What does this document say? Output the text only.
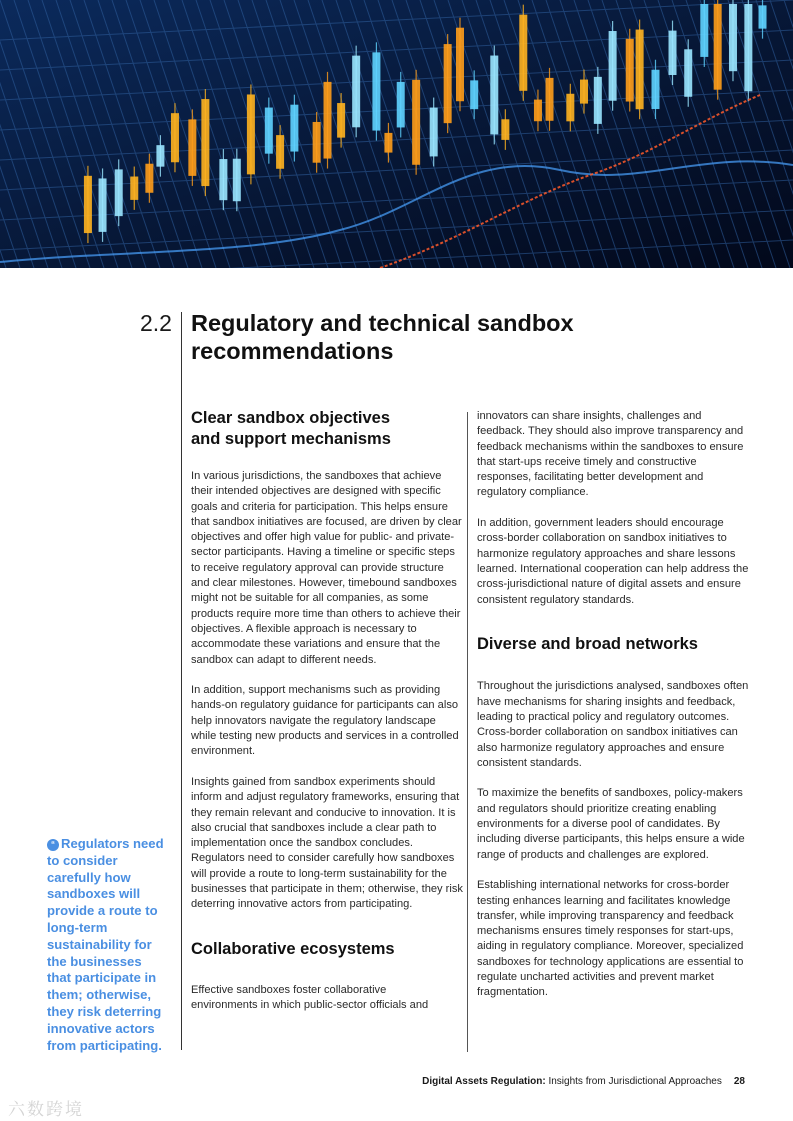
2.2 Regulatory and technical sandbox recommendations
Clear sandbox objectives and support mechanisms

In various jurisdictions, the sandboxes that achieve their intended objectives are designed with specific goals and criteria for participation. This helps ensure that sandbox initiatives are focused, are driven by clear objectives and offer high value for public- and private-sector participants. Having a timeline or specific steps to receive regulatory approval can provide structure and clear milestones. However, timebound sandboxes might not be suitable for all companies, as some products require more time than others to achieve their objectives. A flexible approach is necessary to accommodate these variations and ensure that the sandbox can adapt to different needs.

In addition, support mechanisms such as providing hands-on regulatory guidance for participants can also help innovators navigate the regulatory landscape while testing new products and services in a controlled environment.

Insights gained from sandbox experiments should inform and adjust regulatory frameworks, ensuring that they remain relevant and conducive to innovation. It is also crucial that sandboxes include a clear path to implementation once the sandbox concludes. Regulators need to consider carefully how sandboxes will provide a route to long-term sustainability for the businesses that participate in them; otherwise, they risk deterring innovative actors from participating.

Collaborative ecosystems

Effective sandboxes foster collaborative environments in which public-sector officials and

innovators can share insights, challenges and feedback. They should also improve transparency and feedback mechanisms within the sandboxes to ensure that start-ups receive timely and constructive responses, facilitating better development and regulatory compliance.

In addition, government leaders should encourage cross-border collaboration on sandbox initiatives to harmonize regulatory approaches and share lessons learned. International cooperation can help address the cross-jurisdictional nature of digital assets and ensure consistent regulatory standards.

Diverse and broad networks

Throughout the jurisdictions analysed, sandboxes often have mechanisms for sharing insights and feedback, leading to practical policy and regulatory outcomes. Cross-border collaboration on sandbox initiatives can also harmonize regulatory approaches and ensure consistent standards.

To maximize the benefits of sandboxes, policy-makers and regulators should prioritize creating enabling environments for a diverse pool of candidates. By including diverse participants, this helps ensure a wide range of products and challenges are explored.

Establishing international networks for cross-border testing enhances learning and facilitates knowledge transfer, while improving transparency and feedback mechanisms ensures timely responses for start-ups, aiding in regulatory compliance. Moreover, specialized sandboxes for technology applications are essential to regulate uncharted activities and prevent market fragmentation.

“ Regulators need to consider carefully how sandboxes will provide a route to long-term sustainability for the businesses that participate in them; otherwise, they risk deterring innovative actors from participating.
Digital Assets Regulation: Insights from Jurisdictional Approaches 28
六数跨境
